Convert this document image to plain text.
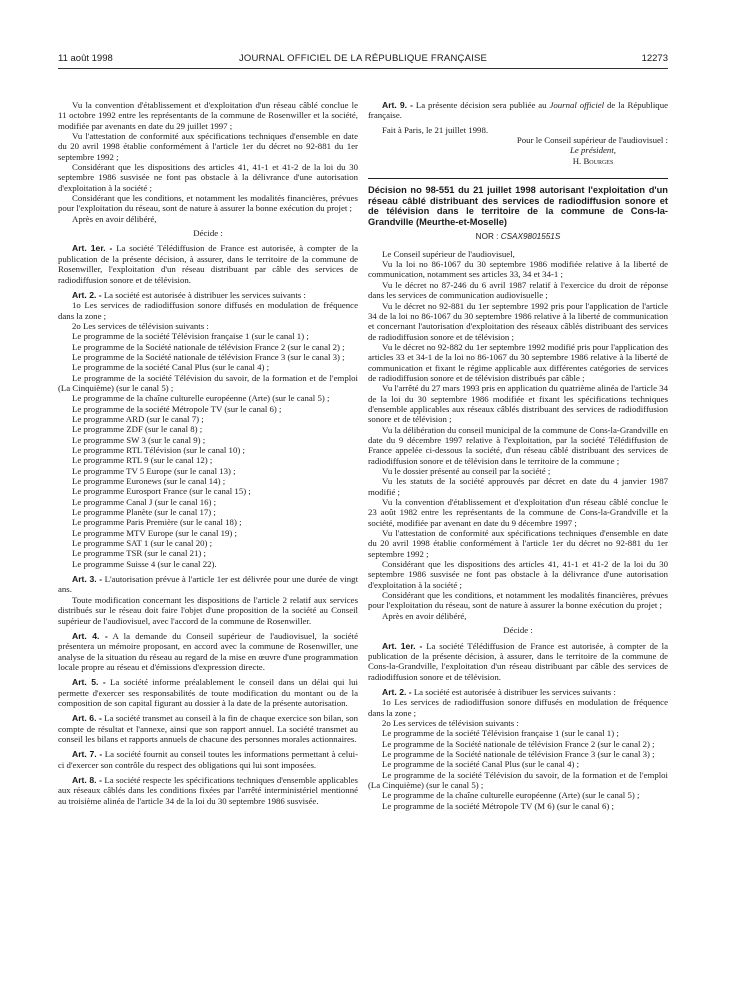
11 août 1998	JOURNAL OFFICIEL DE LA RÉPUBLIQUE FRANÇAISE	12273
Vu la convention d'établissement et d'exploitation d'un réseau câblé conclue le 11 octobre 1992 entre les représentants de la commune de Rosenwiller et la société, modifiée par avenants en date du 29 juillet 1997 ;
Vu l'attestation de conformité aux spécifications techniques d'ensemble en date du 20 avril 1998 établie conformément à l'article 1er du décret no 92-881 du 1er septembre 1992 ;
Considérant que les dispositions des articles 41, 41-1 et 41-2 de la loi du 30 septembre 1986 susvisée ne font pas obstacle à la délivrance d'une autorisation d'exploitation à la société ;
Considérant que les conditions, et notamment les modalités financières, prévues pour l'exploitation du réseau, sont de nature à assurer la bonne exécution du projet ;
Après en avoir délibéré,
Décide :
Art. 1er. - La société Télédiffusion de France est autorisée, à compter de la publication de la présente décision, à assurer, dans le territoire de la commune de Rosenwiller, l'exploitation d'un réseau distribuant par câble des services de radiodiffusion sonore et de télévision.
Art. 2. - La société est autorisée à distribuer les services suivants :
1o Les services de radiodiffusion sonore diffusés en modulation de fréquence dans la zone ;
2o Les services de télévision suivants :
Le programme de la société Télévision française 1 (sur le canal 1) ;
Le programme de la Société nationale de télévision France 2 (sur le canal 2) ;
Le programme de la Société nationale de télévision France 3 (sur le canal 3) ;
Le programme de la société Canal Plus (sur le canal 4) ;
Le programme de la société Télévision du savoir, de la formation et de l'emploi (La Cinquième) (sur le canal 5) ;
Le programme de la chaîne culturelle européenne (Arte) (sur le canal 5) ;
Le programme de la société Métropole TV (sur le canal 6) ;
Le programme ARD (sur le canal 7) ;
Le programme ZDF (sur le canal 8) ;
Le programme SW 3 (sur le canal 9) ;
Le programme RTL Télévision (sur le canal 10) ;
Le programme RTL 9 (sur le canal 12) ;
Le programme TV 5 Europe (sur le canal 13) ;
Le programme Euronews (sur le canal 14) ;
Le programme Eurosport France (sur le canal 15) ;
Le programme Canal J (sur le canal 16) ;
Le programme Planète (sur le canal 17) ;
Le programme Paris Première (sur le canal 18) ;
Le programme MTV Europe (sur le canal 19) ;
Le programme SAT 1 (sur le canal 20) ;
Le programme TSR (sur le canal 21) ;
Le programme Suisse 4 (sur le canal 22).
Art. 3. - L'autorisation prévue à l'article 1er est délivrée pour une durée de vingt ans.
Toute modification concernant les dispositions de l'article 2 relatif aux services distribués sur le réseau doit faire l'objet d'une proposition de la société au Conseil supérieur de l'audiovisuel, avec l'accord de la commune de Rosenwiller.
Art. 4. - A la demande du Conseil supérieur de l'audiovisuel, la société présentera un mémoire proposant, en accord avec la commune de Rosenwiller, une analyse de la situation du réseau au regard de la mise en œuvre d'une programmation locale propre au réseau et d'émissions d'expression directe.
Art. 5. - La société informe préalablement le conseil dans un délai qui lui permette d'exercer ses responsabilités de toute modification du montant ou de la composition de son capital figurant au dossier à la date de la présente autorisation.
Art. 6. - La société transmet au conseil à la fin de chaque exercice son bilan, son compte de résultat et l'annexe, ainsi que son rapport annuel. La société transmet au conseil les bilans et rapports annuels de chacune des personnes morales actionnaires.
Art. 7. - La société fournit au conseil toutes les informations permettant à celui-ci d'exercer son contrôle du respect des obligations qui lui sont imposées.
Art. 8. - La société respecte les spécifications techniques d'ensemble applicables aux réseaux câblés dans les conditions fixées par l'arrêté interministériel mentionné au troisième alinéa de l'article 34 de la loi du 30 septembre 1986 susvisée.
Art. 9. - La présente décision sera publiée au Journal officiel de la République française.
Fait à Paris, le 21 juillet 1998.
Pour le Conseil supérieur de l'audiovisuel :
Le président,
H. Bourges
Décision no 98-551 du 21 juillet 1998 autorisant l'exploitation d'un réseau câblé distribuant des services de radiodiffusion sonore et de télévision dans le territoire de la commune de Cons-la-Grandville (Meurthe-et-Moselle)
NOR : CSAX9801551S
Le Conseil supérieur de l'audiovisuel,
Vu la loi no 86-1067 du 30 septembre 1986 modifiée relative à la liberté de communication, notamment ses articles 33, 34 et 34-1 ;
Vu le décret no 87-246 du 6 avril 1987 relatif à l'exercice du droit de réponse dans les services de communication audiovisuelle ;
Vu le décret no 92-881 du 1er septembre 1992 pris pour l'application de l'article 34 de la loi no 86-1067 du 30 septembre 1986 relative à la liberté de communication et concernant l'autorisation d'exploitation des réseaux câblés distribuant des services de radiodiffusion sonore et de télévision ;
Vu le décret no 92-882 du 1er septembre 1992 modifié pris pour l'application des articles 33 et 34-1 de la loi no 86-1067 du 30 septembre 1986 relative à la liberté de communication et fixant le régime applicable aux différentes catégories de services de radiodiffusion sonore et de télévision distribués par câble ;
Vu l'arrêté du 27 mars 1993 pris en application du quatrième alinéa de l'article 34 de la loi du 30 septembre 1986 modifiée et fixant les spécifications techniques d'ensemble applicables aux réseaux câblés distribuant des services de radiodiffusion sonore et de télévision ;
Vu la délibération du conseil municipal de la commune de Cons-la-Grandville en date du 9 décembre 1997 relative à l'exploitation, par la société Télédiffusion de France appelée ci-dessous la société, d'un réseau câblé distribuant des services de radiodiffusion sonore et de télévision dans le territoire de la commune ;
Vu le dossier présenté au conseil par la société ;
Vu les statuts de la société approuvés par décret en date du 4 janvier 1987 modifié ;
Vu la convention d'établissement et d'exploitation d'un réseau câblé conclue le 23 août 1982 entre les représentants de la commune de Cons-la-Grandville et la société, modifiée par avenant en date du 9 décembre 1997 ;
Vu l'attestation de conformité aux spécifications techniques d'ensemble en date du 20 avril 1998 établie conformément à l'article 1er du décret no 92-881 du 1er septembre 1992 ;
Considérant que les dispositions des articles 41, 41-1 et 41-2 de la loi du 30 septembre 1986 susvisée ne font pas obstacle à la délivrance d'une autorisation d'exploitation à la société ;
Considérant que les conditions, et notamment les modalités financières, prévues pour l'exploitation du réseau, sont de nature à assurer la bonne exécution du projet ;
Après en avoir délibéré,
Décide :
Art. 1er. - La société Télédiffusion de France est autorisée, à compter de la publication de la présente décision, à assurer, dans le territoire de la commune de Cons-la-Grandville, l'exploitation d'un réseau distribuant par câble des services de radiodiffusion sonore et de télévision.
Art. 2. - La société est autorisée à distribuer les services suivants :
1o Les services de radiodiffusion sonore diffusés en modulation de fréquence dans la zone ;
2o Les services de télévision suivants :
Le programme de la société Télévision française 1 (sur le canal 1) ;
Le programme de la Société nationale de télévision France 2 (sur le canal 2) ;
Le programme de la Société nationale de télévision France 3 (sur le canal 3) ;
Le programme de la société Canal Plus (sur le canal 4) ;
Le programme de la société Télévision du savoir, de la formation et de l'emploi (La Cinquième) (sur le canal 5) ;
Le programme de la chaîne culturelle européenne (Arte) (sur le canal 5) ;
Le programme de la société Métropole TV (M 6) (sur le canal 6) ;
